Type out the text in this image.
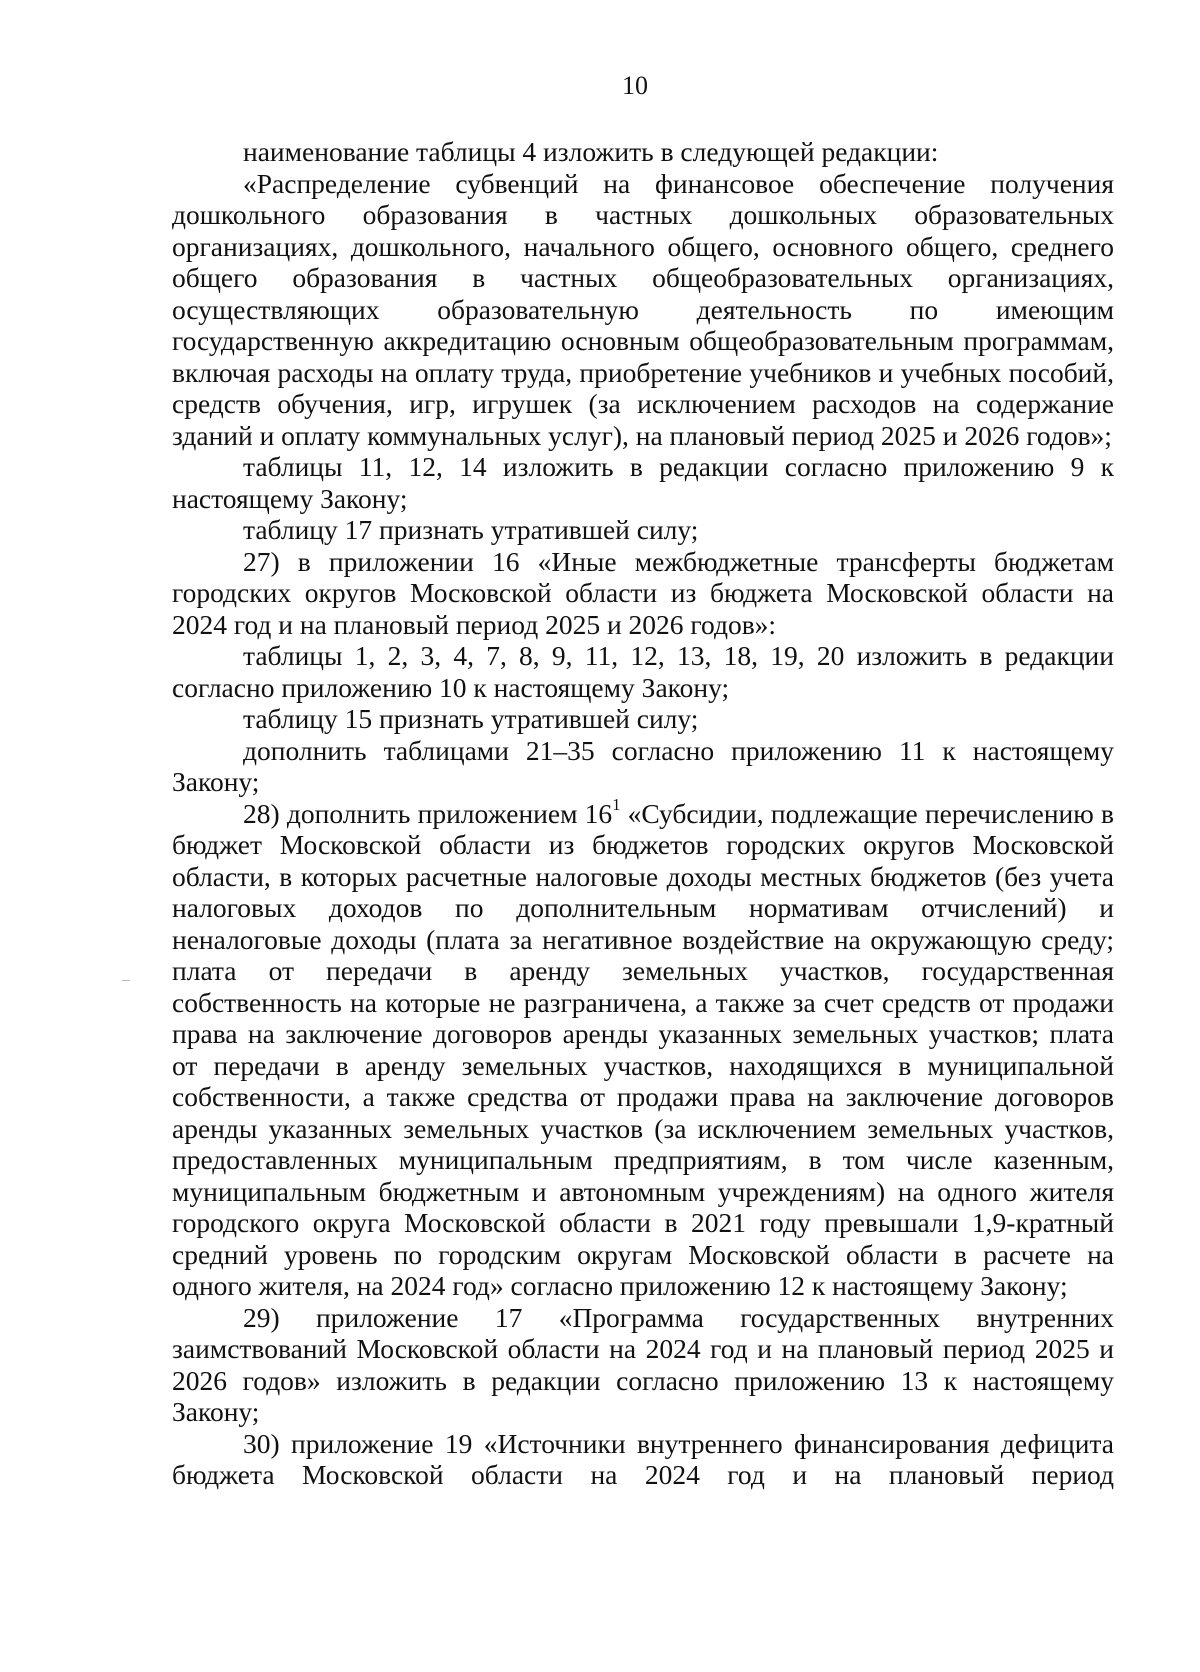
10

наименование таблицы 4 изложить в следующей редакции:

«Распределение субвенций на финансовое обеспечение получения дошкольного образования в частных дошкольных образовательных организациях, дошкольного, начального общего, основного общего, среднего общего образования в частных общеобразовательных организациях, осуществляющих образовательную деятельность по имеющим государственную аккредитацию основным общеобразовательным программам, включая расходы на оплату труда, приобретение учебников и учебных пособий, средств обучения, игр, игрушек (за исключением расходов на содержание зданий и оплату коммунальных услуг), на плановый период 2025 и 2026 годов»;

таблицы 11, 12, 14 изложить в редакции согласно приложению 9 к настоящему Закону;

таблицу 17 признать утратившей силу;

27) в приложении 16 «Иные межбюджетные трансферты бюджетам городских округов Московской области из бюджета Московской области на 2024 год и на плановый период 2025 и 2026 годов»:

таблицы 1, 2, 3, 4, 7, 8, 9, 11, 12, 13, 18, 19, 20 изложить в редакции согласно приложению 10 к настоящему Закону;

таблицу 15 признать утратившей силу;

дополнить таблицами 21–35 согласно приложению 11 к настоящему Закону;

28) дополнить приложением $16^1$ «Субсидии, подлежащие перечислению в бюджет Московской области из бюджетов городских округов Московской области, в которых расчетные налоговые доходы местных бюджетов (без учета налоговых доходов по дополнительным нормативам отчислений) и неналоговые доходы (плата за негативное воздействие на окружающую среду; плата от передачи в аренду земельных участков, государственная собственность на которые не разграничена, а также за счет средств от продажи права на заключение договоров аренды указанных земельных участков; плата от передачи в аренду земельных участков, находящихся в муниципальной собственности, а также средства от продажи права на заключение договоров аренды указанных земельных участков (за исключением земельных участков, предоставленных муниципальным предприятиям, в том числе казенным, муниципальным бюджетным и автономным учреждениям) на одного жителя городского округа Московской области в 2021 году превышали 1,9-кратный средний уровень по городским округам Московской области в расчете на одного жителя, на 2024 год» согласно приложению 12 к настоящему Закону;

29) приложение 17 «Программа государственных внутренних заимствований Московской области на 2024 год и на плановый период 2025 и 2026 годов» изложить в редакции согласно приложению 13 к настоящему Закону;

30) приложение 19 «Источники внутреннего финансирования дефицита бюджета Московской области на 2024 год и на плановый период
